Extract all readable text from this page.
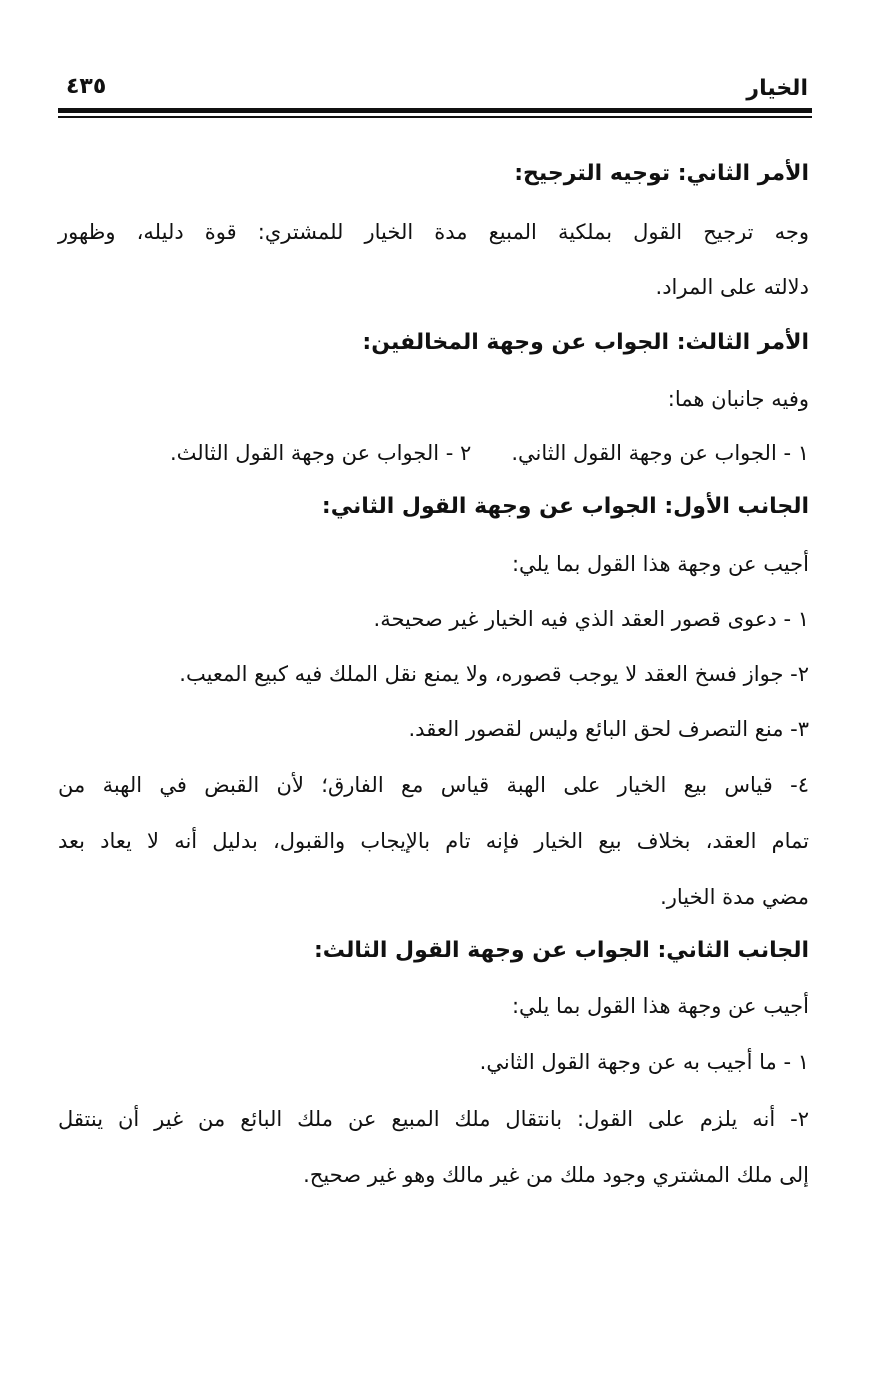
الخيار
٤٣٥
الأمر الثاني: توجيه الترجيح:
وجه ترجيح القول بملكية المبيع مدة الخيار للمشتري: قوة دليله، وظهور
دلالته على المراد.
الأمر الثالث: الجواب عن وجهة المخالفين:
وفيه جانبان هما:
١ - الجواب عن وجهة القول الثاني.
٢ - الجواب عن وجهة القول الثالث.
الجانب الأول: الجواب عن وجهة القول الثاني:
أجيب عن وجهة هذا القول بما يلي:
١ - دعوى قصور العقد الذي فيه الخيار غير صحيحة.
٢- جواز فسخ العقد لا يوجب قصوره، ولا يمنع نقل الملك فيه كبيع المعيب.
٣- منع التصرف لحق البائع وليس لقصور العقد.
٤- قياس بيع الخيار على الهبة قياس مع الفارق؛ لأن القبض في الهبة من
تمام العقد، بخلاف بيع الخيار فإنه تام بالإيجاب والقبول، بدليل أنه لا يعاد بعد
مضي مدة الخيار.
الجانب الثاني: الجواب عن وجهة القول الثالث:
أجيب عن وجهة هذا القول بما يلي:
١ - ما أجيب به عن وجهة القول الثاني.
٢- أنه يلزم على القول: بانتقال ملك المبيع عن ملك البائع من غير أن ينتقل
إلى ملك المشتري وجود ملك من غير مالك وهو غير صحيح.
